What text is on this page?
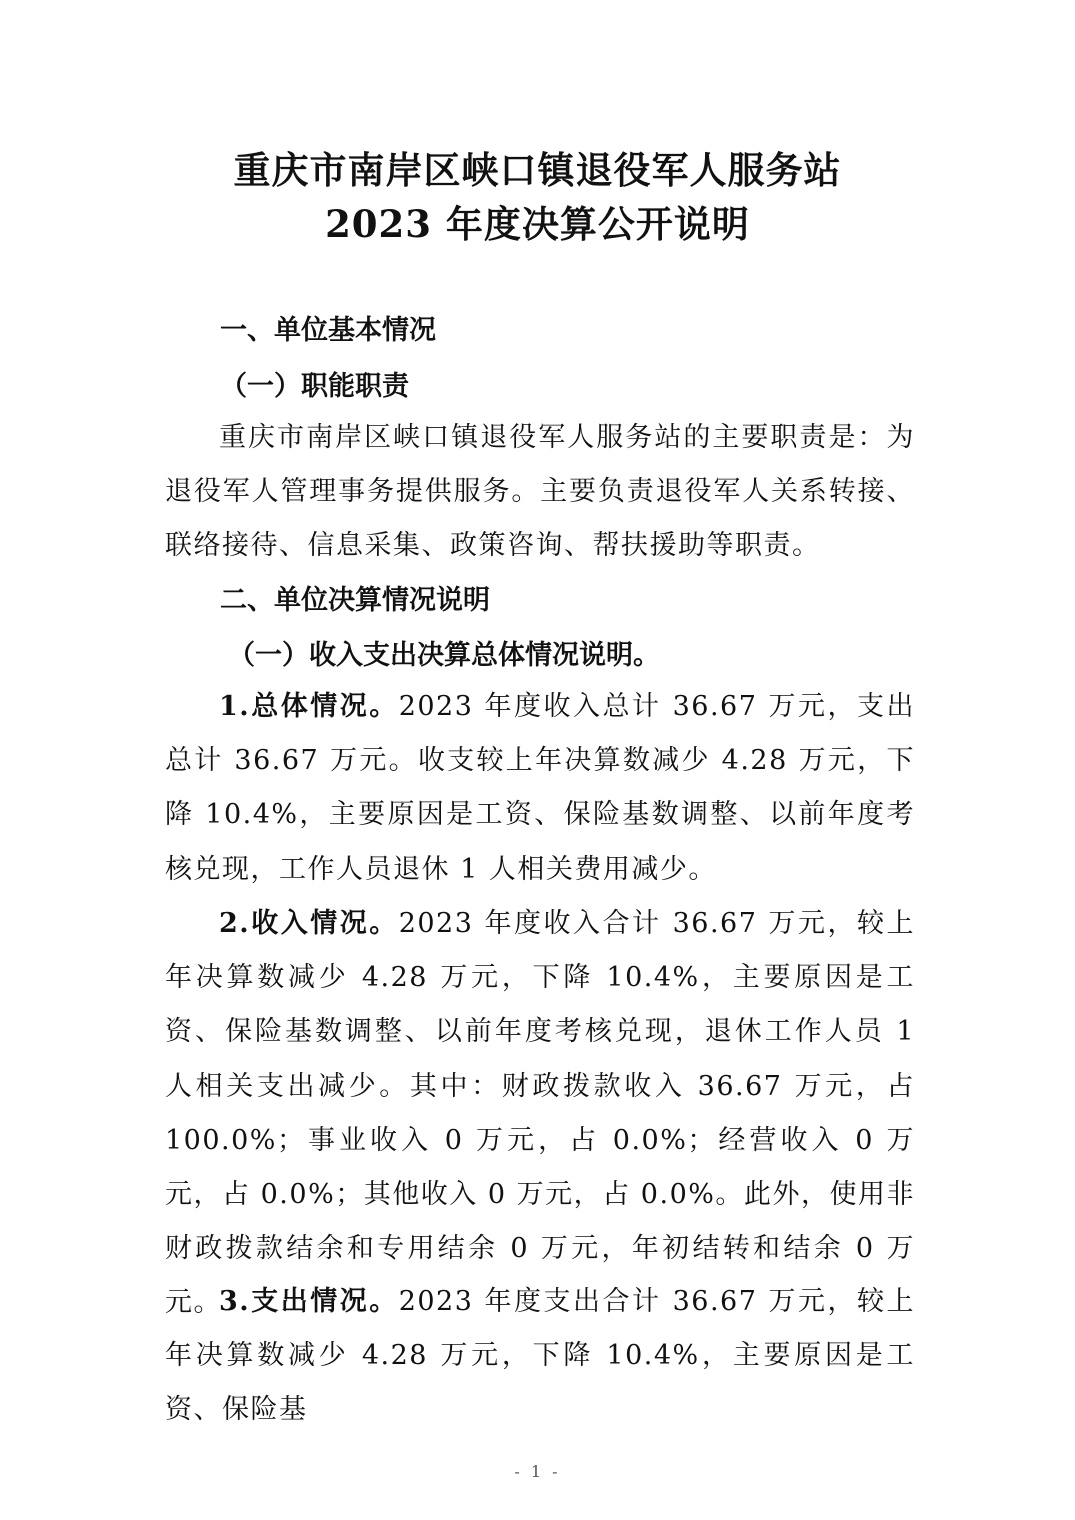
重庆市南岸区峡口镇退役军人服务站
2023 年度决算公开说明
一、单位基本情况
（一）职能职责
重庆市南岸区峡口镇退役军人服务站的主要职责是：为退役军人管理事务提供服务。主要负责退役军人关系转接、联络接待、信息采集、政策咨询、帮扶援助等职责。
二、单位决算情况说明
（一）收入支出决算总体情况说明。
1.总体情况。2023 年度收入总计 36.67 万元，支出总计 36.67 万元。收支较上年决算数减少 4.28 万元，下降 10.4%，主要原因是工资、保险基数调整、以前年度考核兑现，工作人员退休 1 人相关费用减少。
2.收入情况。2023 年度收入合计 36.67 万元，较上年决算数减少 4.28 万元，下降 10.4%，主要原因是工资、保险基数调整、以前年度考核兑现，退休工作人员 1 人相关支出减少。其中：财政拨款收入 36.67 万元，占 100.0%；事业收入 0 万元，占 0.0%；经营收入 0 万元，占 0.0%；其他收入 0 万元，占 0.0%。此外，使用非财政拨款结余和专用结余 0 万元，年初结转和结余 0 万元。
3.支出情况。2023 年度支出合计 36.67 万元，较上年决算数减少 4.28 万元，下降 10.4%，主要原因是工资、保险基
- 1 -
